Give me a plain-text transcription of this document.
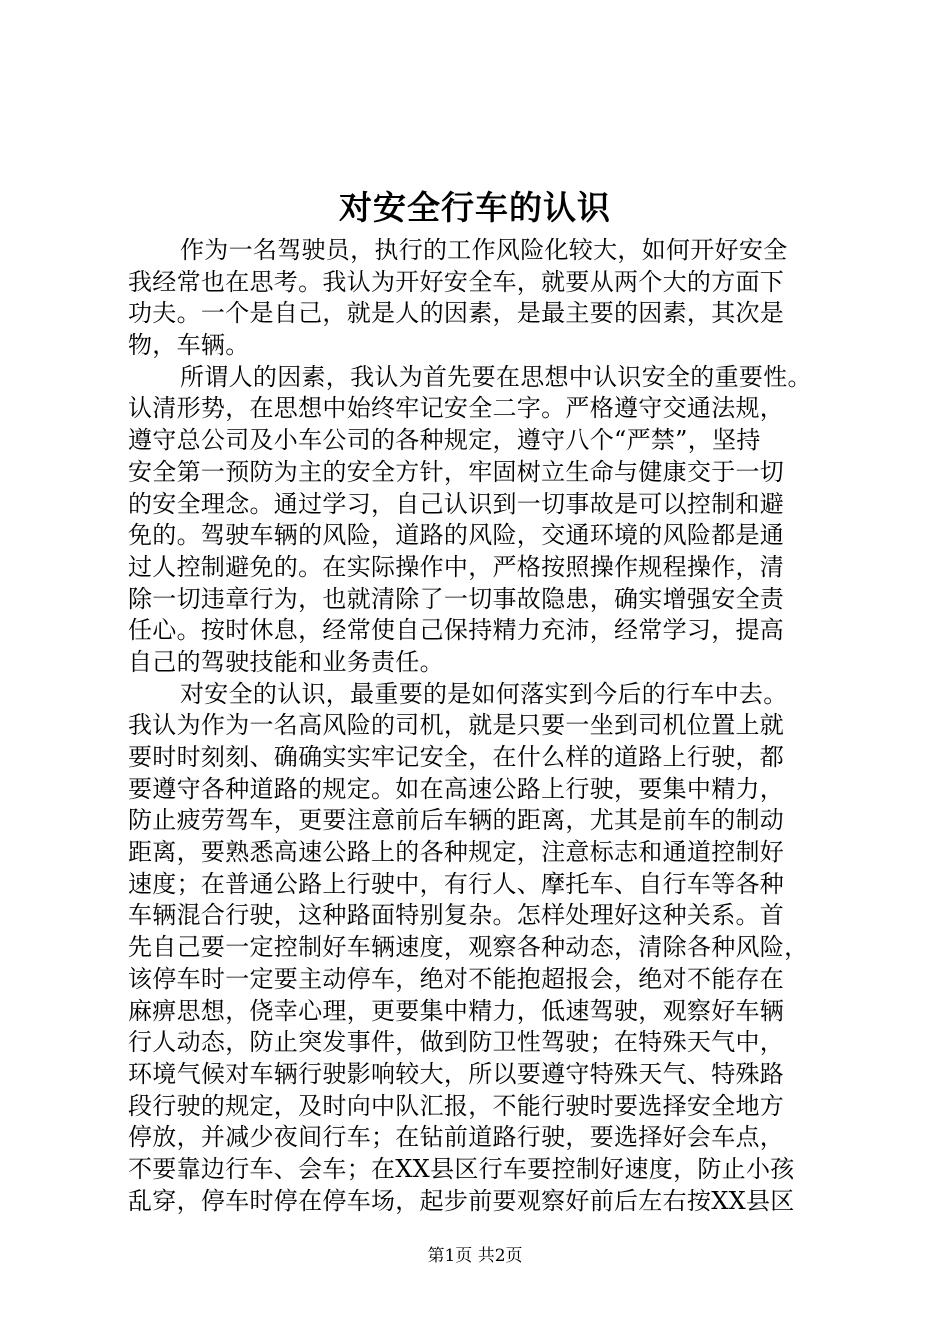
对安全行车的认识
作为一名驾驶员，执行的工作风险化较大，如何开好安全
我经常也在思考。我认为开好安全车，就要从两个大的方面下
功夫。一个是自己，就是人的因素，是最主要的因素，其次是
物，车辆。
所谓人的因素，我认为首先要在思想中认识安全的重要性。
认清形势，在思想中始终牢记安全二字。严格遵守交通法规，
遵守总公司及小车公司的各种规定，遵守八个“严禁”，坚持
安全第一预防为主的安全方针，牢固树立生命与健康交于一切
的安全理念。通过学习，自己认识到一切事故是可以控制和避
免的。驾驶车辆的风险，道路的风险，交通环境的风险都是通
过人控制避免的。在实际操作中，严格按照操作规程操作，清
除一切违章行为，也就清除了一切事故隐患，确实增强安全责
任心。按时休息，经常使自己保持精力充沛，经常学习，提高
自己的驾驶技能和业务责任。
对安全的认识，最重要的是如何落实到今后的行车中去。
我认为作为一名高风险的司机，就是只要一坐到司机位置上就
要时时刻刻、确确实实牢记安全，在什么样的道路上行驶，都
要遵守各种道路的规定。如在高速公路上行驶，要集中精力，
防止疲劳驾车，更要注意前后车辆的距离，尤其是前车的制动
距离，要熟悉高速公路上的各种规定，注意标志和通道控制好
速度；在普通公路上行驶中，有行人、摩托车、自行车等各种
车辆混合行驶，这种路面特别复杂。怎样处理好这种关系。首
先自己要一定控制好车辆速度，观察各种动态，清除各种风险，
该停车时一定要主动停车，绝对不能抱超报会，绝对不能存在
麻痹思想，侥幸心理，更要集中精力，低速驾驶，观察好车辆
行人动态，防止突发事件，做到防卫性驾驶；在特殊天气中，
环境气候对车辆行驶影响较大，所以要遵守特殊天气、特殊路
段行驶的规定，及时向中队汇报，不能行驶时要选择安全地方
停放，并减少夜间行车；在钻前道路行驶，要选择好会车点，
不要靠边行车、会车；在XX县区行车要控制好速度，防止小孩
乱穿，停车时停在停车场，起步前要观察好前后左右按XX县区
第1页 共2页
